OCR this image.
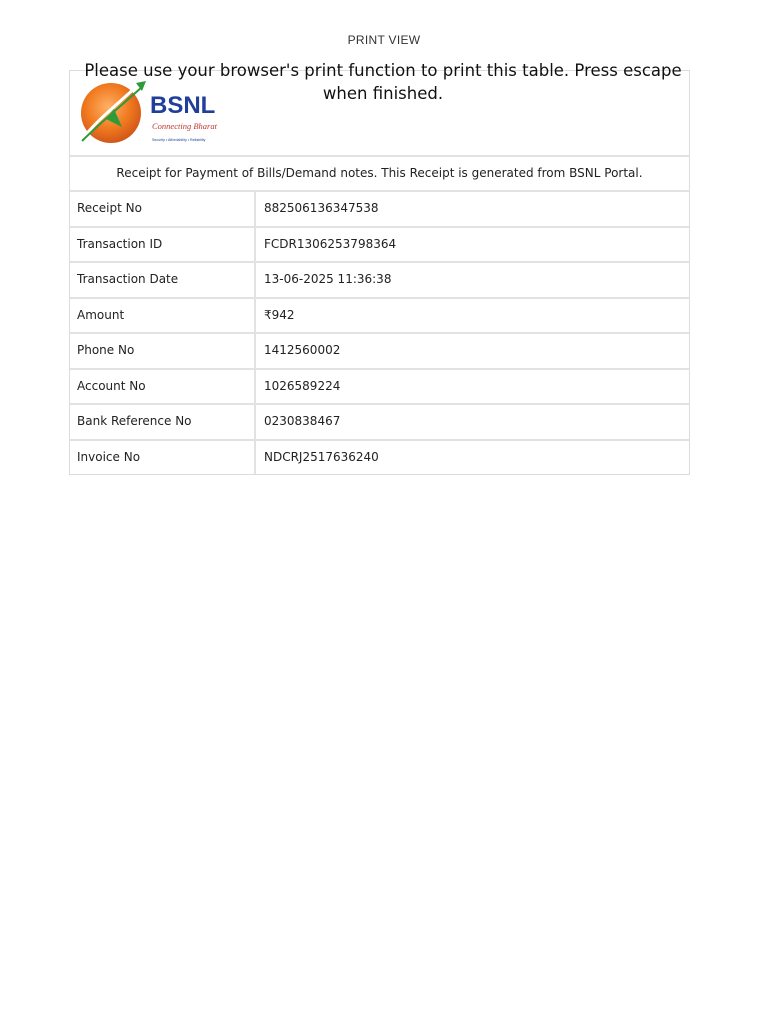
PRINT VIEW
BSNL
Connecting Bharat
Security • Affordability • Reliability
Receipt for Payment of Bills/Demand notes. This Receipt is generated from BSNL Portal.
Receipt No	882506136347538
Transaction ID	FCDR1306253798364
Transaction Date	13-06-2025 11:36:38
Amount	₹942
Phone No	1412560002
Account No	1026589224
Bank Reference No	0230838467
Invoice No	NDCRJ2517636240
Please use your browser's print function to print this table. Press escape when finished.
